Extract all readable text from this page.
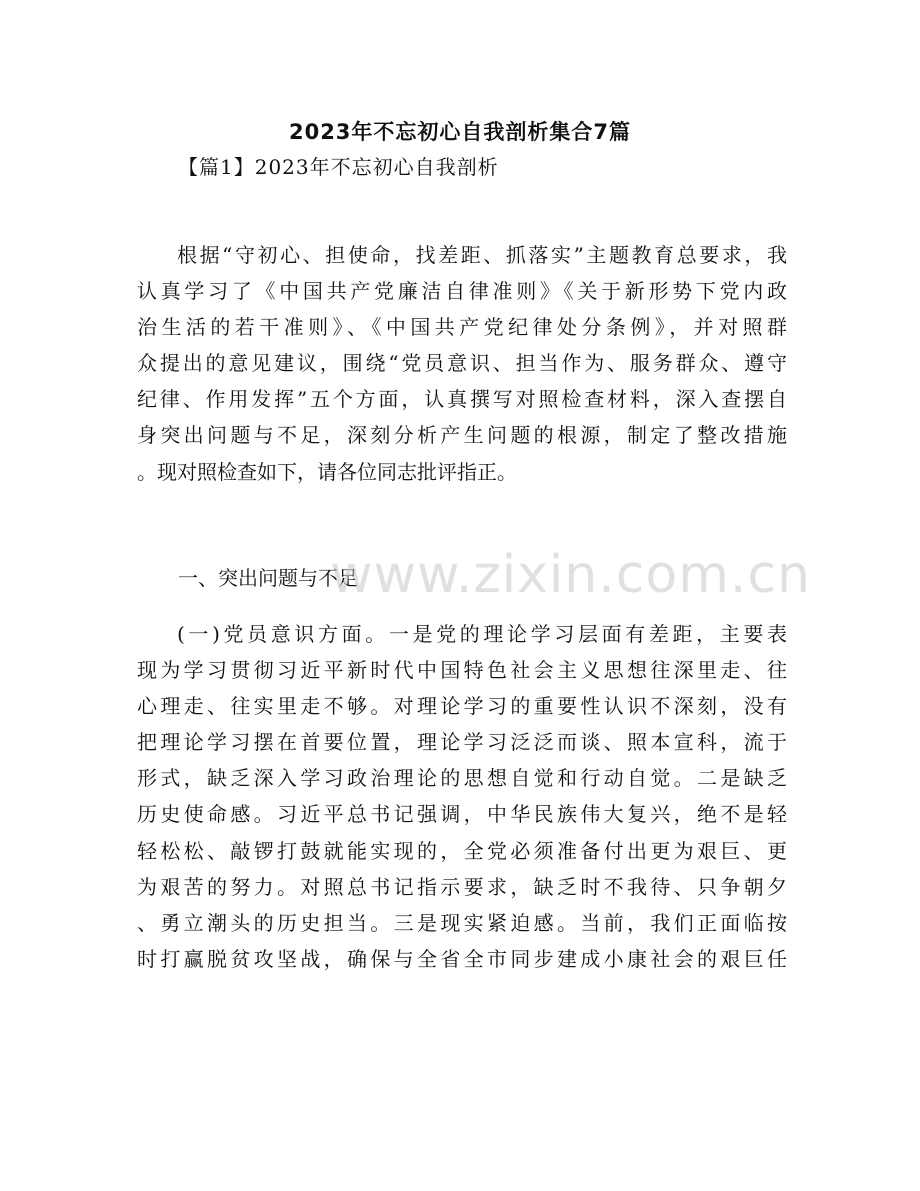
2023年不忘初心自我剖析集合7篇
【篇1】2023年不忘初心自我剖析
根据“守初心、担使命，找差距、抓落实”主题教育总要求，我
认真学习了《中国共产党廉洁自律准则》《关于新形势下党内政
治生活的若干准则》、《中国共产党纪律处分条例》，并对照群
众提出的意见建议，围绕“党员意识、担当作为、服务群众、遵守
纪律、作用发挥”五个方面，认真撰写对照检查材料，深入查摆自
身突出问题与不足，深刻分析产生问题的根源，制定了整改措施
。现对照检查如下，请各位同志批评指正。
一、突出问题与不足
(一)党员意识方面。一是党的理论学习层面有差距，主要表
现为学习贯彻习近平新时代中国特色社会主义思想往深里走、往
心理走、往实里走不够。对理论学习的重要性认识不深刻，没有
把理论学习摆在首要位置，理论学习泛泛而谈、照本宣科，流于
形式，缺乏深入学习政治理论的思想自觉和行动自觉。二是缺乏
历史使命感。习近平总书记强调，中华民族伟大复兴，绝不是轻
轻松松、敲锣打鼓就能实现的，全党必须准备付出更为艰巨、更
为艰苦的努力。对照总书记指示要求，缺乏时不我待、只争朝夕
、勇立潮头的历史担当。三是现实紧迫感。当前，我们正面临按
时打赢脱贫攻坚战，确保与全省全市同步建成小康社会的艰巨任
www.zixin.com.cn
